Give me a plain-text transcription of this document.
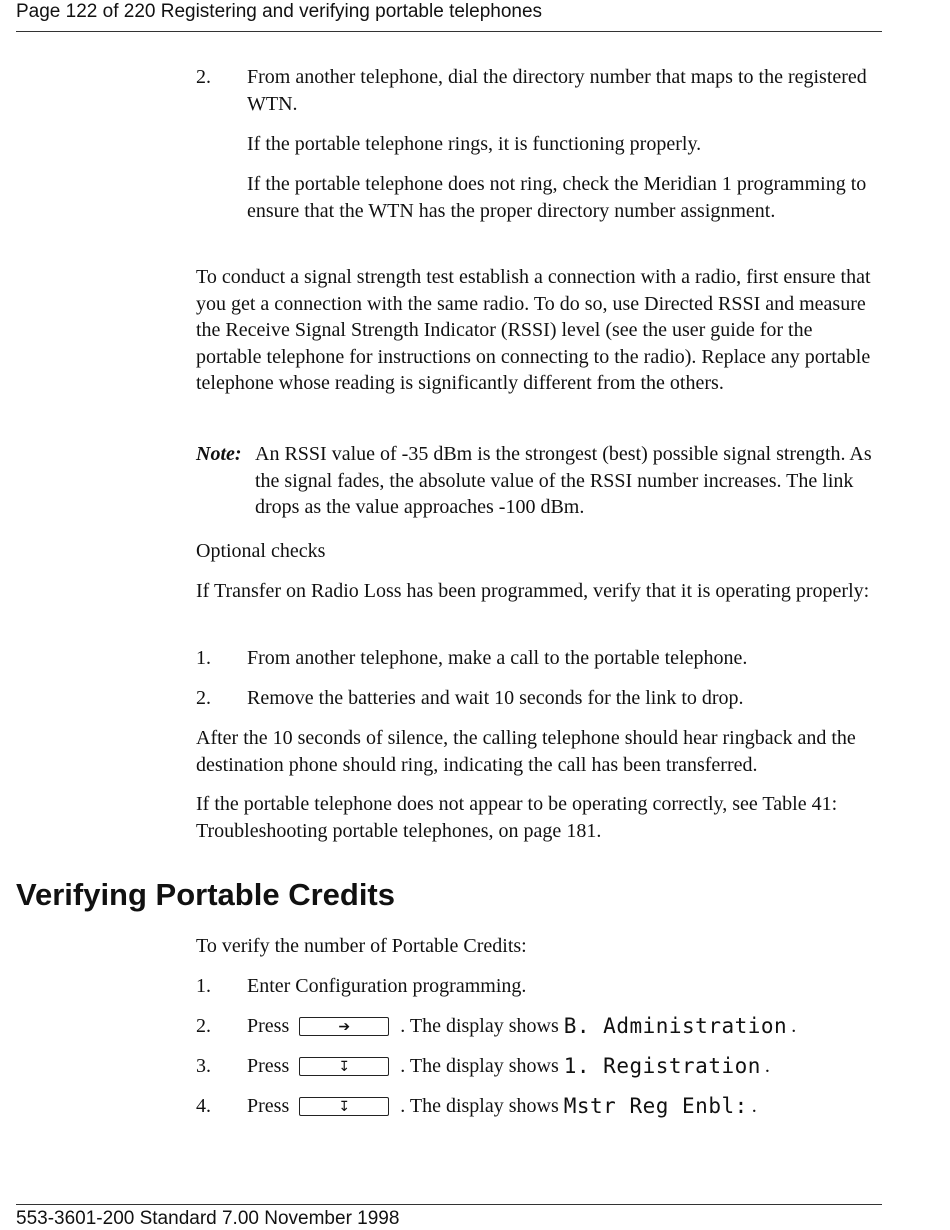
Page 122 of 220 Registering and verifying portable telephones
2. From another telephone, dial the directory number that maps to the registered WTN.

If the portable telephone rings, it is functioning properly.

If the portable telephone does not ring, check the Meridian 1 programming to ensure that the WTN has the proper directory number assignment.

To conduct a signal strength test establish a connection with a radio, first ensure that you get a connection with the same radio. To do so, use Directed RSSI and measure the Receive Signal Strength Indicator (RSSI) level (see the user guide for the portable telephone for instructions on connecting to the radio). Replace any portable telephone whose reading is significantly different from the others.

Note: An RSSI value of -35 dBm is the strongest (best) possible signal strength. As the signal fades, the absolute value of the RSSI number increases. The link drops as the value approaches -100 dBm.

Optional checks

If Transfer on Radio Loss has been programmed, verify that it is operating properly:

1. From another telephone, make a call to the portable telephone.

2. Remove the batteries and wait 10 seconds for the link to drop.

After the 10 seconds of silence, the calling telephone should hear ringback and the destination phone should ring, indicating the call has been transferred.

If the portable telephone does not appear to be operating correctly, see Table 41: Troubleshooting portable telephones, on page 181.

Verifying Portable Credits

To verify the number of Portable Credits:

1. Enter Configuration programming.

2. Press	➔	. The display shows B. Administration .
3. Press	↧	. The display shows 1. Registration .
4. Press	↧	. The display shows Mstr Reg Enbl: .
553-3601-200 Standard 7.00 November 1998
